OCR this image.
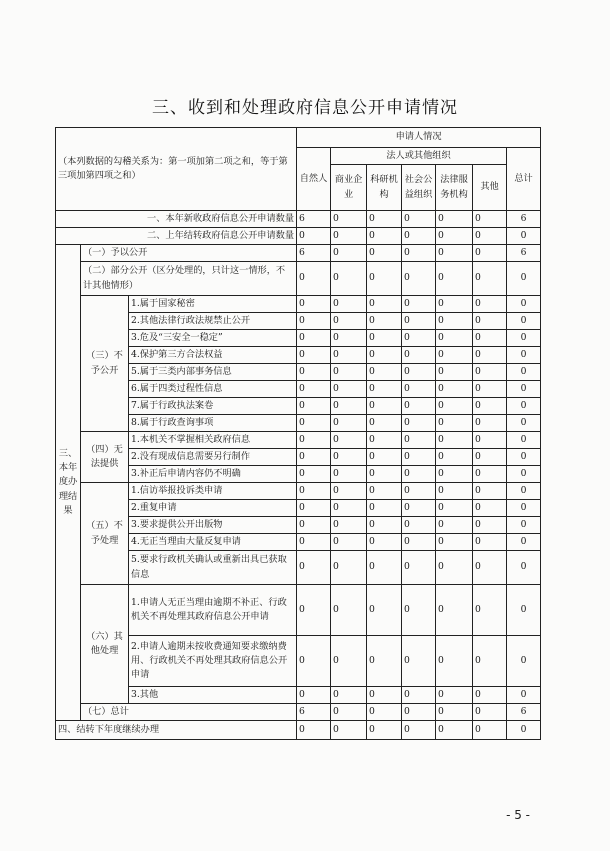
三、收到和处理政府信息公开申请情况
（本列数据的勾稽关系为：第一项加第二项之和，等于第三项加第四项之和）			申请人情况						
			自然人	法人或其他组织					总计
				商业企业	科研机构	社会公益组织	法律服务机构	其他	
一、本年新收政府信息公开申请数量			6	0	0	0	0	0	6
二、上年结转政府信息公开申请数量			0	0	0	0	0	0	0
三、本年度办理结果	（一）予以公开		6	0	0	0	0	0	6
	（二）部分公开（区分处理的，只计这一情形，不计其他情形）		0	0	0	0	0	0	0
	（三）不予公开	1.属于国家秘密	0	0	0	0	0	0	0
		2.其他法律行政法规禁止公开	0	0	0	0	0	0	0
		3.危及“三安全一稳定”	0	0	0	0	0	0	0
		4.保护第三方合法权益	0	0	0	0	0	0	0
		5.属于三类内部事务信息	0	0	0	0	0	0	0
		6.属于四类过程性信息	0	0	0	0	0	0	0
		7.属于行政执法案卷	0	0	0	0	0	0	0
		8.属于行政查询事项	0	0	0	0	0	0	0
	（四）无法提供	1.本机关不掌握相关政府信息	0	0	0	0	0	0	0
		2.没有现成信息需要另行制作	0	0	0	0	0	0	0
		3.补正后申请内容仍不明确	0	0	0	0	0	0	0
	（五）不予处理	1.信访举报投诉类申请	0	0	0	0	0	0	0
		2.重复申请	0	0	0	0	0	0	0
		3.要求提供公开出版物	0	0	0	0	0	0	0
		4.无正当理由大量反复申请	0	0	0	0	0	0	0
		5.要求行政机关确认或重新出具已获取信息	0	0	0	0	0	0	0
	（六）其他处理	1.申请人无正当理由逾期不补正、行政机关不再处理其政府信息公开申请	0	0	0	0	0	0	0
		2.申请人逾期未按收费通知要求缴纳费用、行政机关不再处理其政府信息公开申请	0	0	0	0	0	0	0
		3.其他	0	0	0	0	0	0	0
	（七）总计		6	0	0	0	0	0	6
四、结转下年度继续办理			0	0	0	0	0	0	0
- 5 -
